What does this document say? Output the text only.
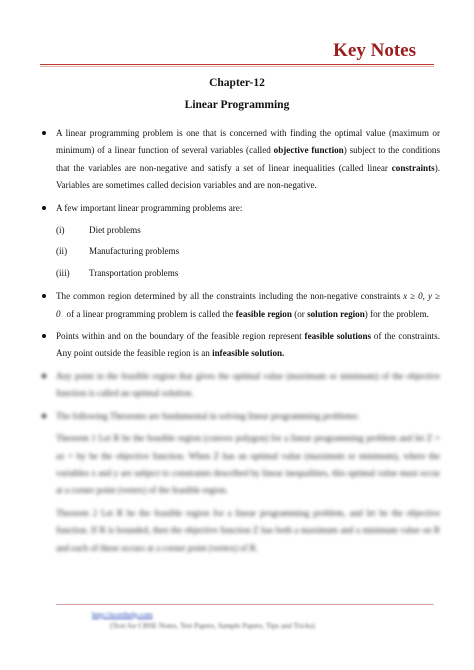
Key Notes
Chapter-12
Linear Programming
A linear programming problem is one that is concerned with finding the optimal value (maximum or minimum) of a linear function of several variables (called objective function) subject to the conditions that the variables are non-negative and satisfy a set of linear inequalities (called linear constraints). Variables are sometimes called decision variables and are non-negative.
A few important linear programming problems are:
(i)	Diet problems
(ii)	Manufacturing problems
(iii)	Transportation problems
The common region determined by all the constraints including the non-negative constraints x ≥ 0, y ≥ 0 of a linear programming problem is called the feasible region (or solution region) for the problem.
Points within and on the boundary of the feasible region represent feasible solutions of the constraints. Any point outside the feasible region is an infeasible solution.
Any point in the feasible region that gives the optimal value (maximum or minimum) of the objective function is called an optimal solution.
The following Theorems are fundamental in solving linear programming problems:
Theorem 1 Let R be the feasible region (convex polygon) for a linear programming problem and let Z = ax + by be the objective function. When Z has an optimal value (maximum or minimum), where the variables x and y are subject to constraints described by linear inequalities, this optimal value must occur at a corner point (vertex) of the feasible region.
Theorem 2 Let R be the feasible region for a linear programming problem, and let be the objective function. If R is bounded, then the objective function Z has both a maximum and a minimum value on R and each of these occurs at a corner point (vertex) of R.
http://ncerthelp.com
(Text for CBSE Notes, Test Papers, Sample Papers, Tips and Tricks)
